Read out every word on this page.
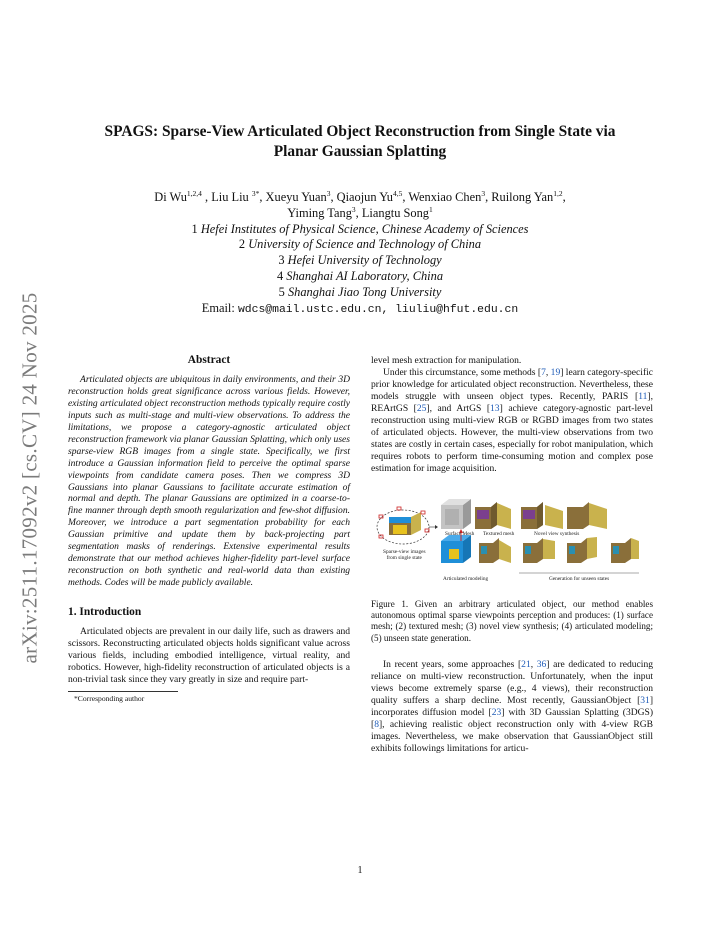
arXiv:2511.17092v2 [cs.CV] 24 Nov 2025
SPAGS: Sparse-View Articulated Object Reconstruction from Single State via
Planar Gaussian Splatting
Di Wu$^{1,2,4}$ , Liu Liu $^{3*}$, Xueyu Yuan$^3$, Qiaojun Yu$^{4,5}$, Wenxiao Chen$^3$, Ruilong Yan$^{1,2}$,
Yiming Tang$^3$, Liangtu Song$^1$
1 Hefei Institutes of Physical Science, Chinese Academy of Sciences
2 University of Science and Technology of China
3 Hefei University of Technology
4 Shanghai AI Laboratory, China
5 Shanghai Jiao Tong University
Email: wdcs@mail.ustc.edu.cn, liuliu@hfut.edu.cn

Abstract

Articulated objects are ubiquitous in daily environments, and their 3D reconstruction holds great significance across various fields. However, existing articulated object reconstruction methods typically require costly inputs such as multi-stage and multi-view observations. To address the limitations, we propose a category-agnostic articulated object reconstruction framework via planar Gaussian Splatting, which only uses sparse-view RGB images from a single state. Specifically, we first introduce a Gaussian information field to perceive the optimal sparse viewpoints from candidate camera poses. Then we compress 3D Gaussians into planar Gaussians to facilitate accurate estimation of normal and depth. The planar Gaussians are optimized in a coarse-to-fine manner through depth smooth regularization and few-shot diffusion. Moreover, we introduce a part segmentation probability for each Gaussian primitive and update them by back-projecting part segmentation masks of renderings. Extensive experimental results demonstrate that our method achieves higher-fidelity part-level surface reconstruction on both synthetic and real-world data than existing methods. Codes will be made publicly available.

1. Introduction

Articulated objects are prevalent in our daily life, such as drawers and scissors. Reconstructing articulated objects holds significant value across various fields, including embodied intelligence, virtual reality, and robotics. However, high-fidelity reconstruction of articulated objects is a non-trivial task since they vary greatly in size and require part-

*Corresponding author

level mesh extraction for manipulation.

Under this circumstance, some methods [7, 19] learn category-specific prior knowledge for articulated object reconstruction. Nevertheless, these models struggle with unseen object types. Recently, PARIS [11], REArtGS [25], and ArtGS [13] achieve category-agnostic part-level reconstruction using multi-view RGB or RGBD images from two states of articulated objects. However, the multi-view observations from two states are costly in certain cases, especially for robot manipulation, which requires robots to perform time-consuming motion and complex pose estimation for image acquisition.

Sparse-view images
from single state
Surface Mesh Textured mesh	Novel view synthesis
Articulated modeling	Generation for unseen states

Figure 1. Given an arbitrary articulated object, our method enables autonomous optimal sparse viewpoints perception and produces: (1) surface mesh; (2) textured mesh; (3) novel view synthesis; (4) articulated modeling; (5) unseen state generation.

In recent years, some approaches [21, 36] are dedicated to reducing reliance on multi-view reconstruction. Unfortunately, when the input views become extremely sparse (e.g., 4 views), their reconstruction quality suffers a sharp decline. Most recently, GaussianObject [31] incorporates diffusion model [23] with 3D Gaussian Splatting (3DGS) [8], achieving realistic object reconstruction only with 4-view RGB images. Nevertheless, we make observation that GaussianObject still exhibits followings limitations for articu-

1
